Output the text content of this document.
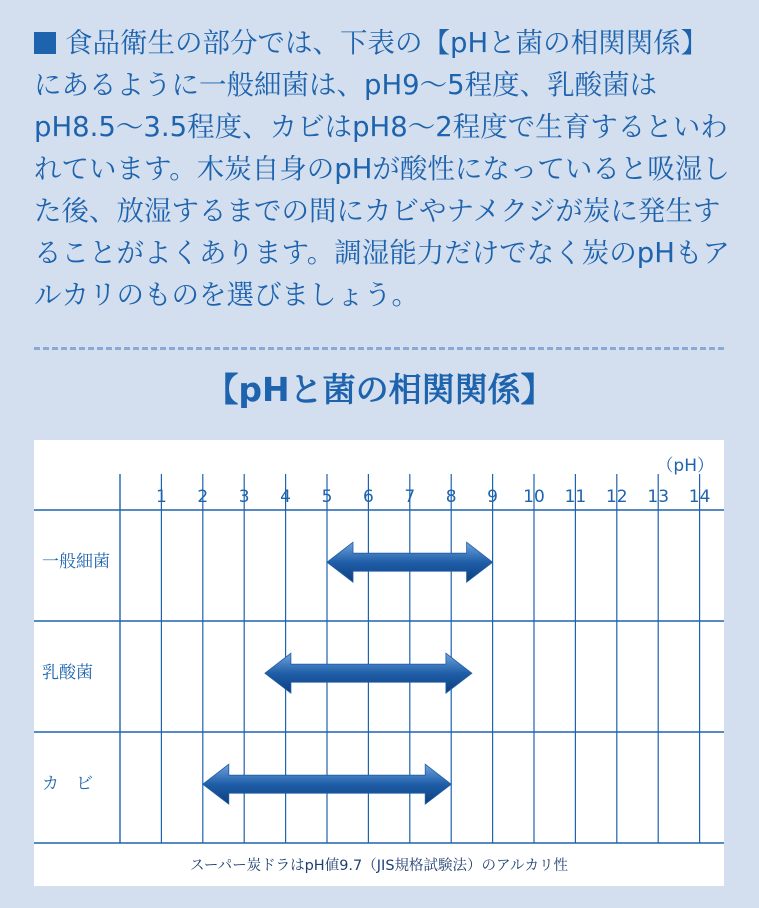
食品衛生の部分では、下表の【pHと菌の相関関係】にあるように一般細菌は、pH9～5程度、乳酸菌はpH8.5～3.5程度、カビはpH8～2程度で生育するといわれています。木炭自身のpHが酸性になっていると吸湿した後、放湿するまでの間にカビやナメクジが炭に発生することがよくあります。調湿能力だけでなく炭のpHもアルカリのものを選びましょう。

【pHと菌の相関関係】
1 2 3 4 5 6 7 8 9 10 11 12 13 14
（pH）
一般細菌
乳酸菌
カ　ビ
スーパー炭ドラはpH値9.7（JIS規格試験法）のアルカリ性
